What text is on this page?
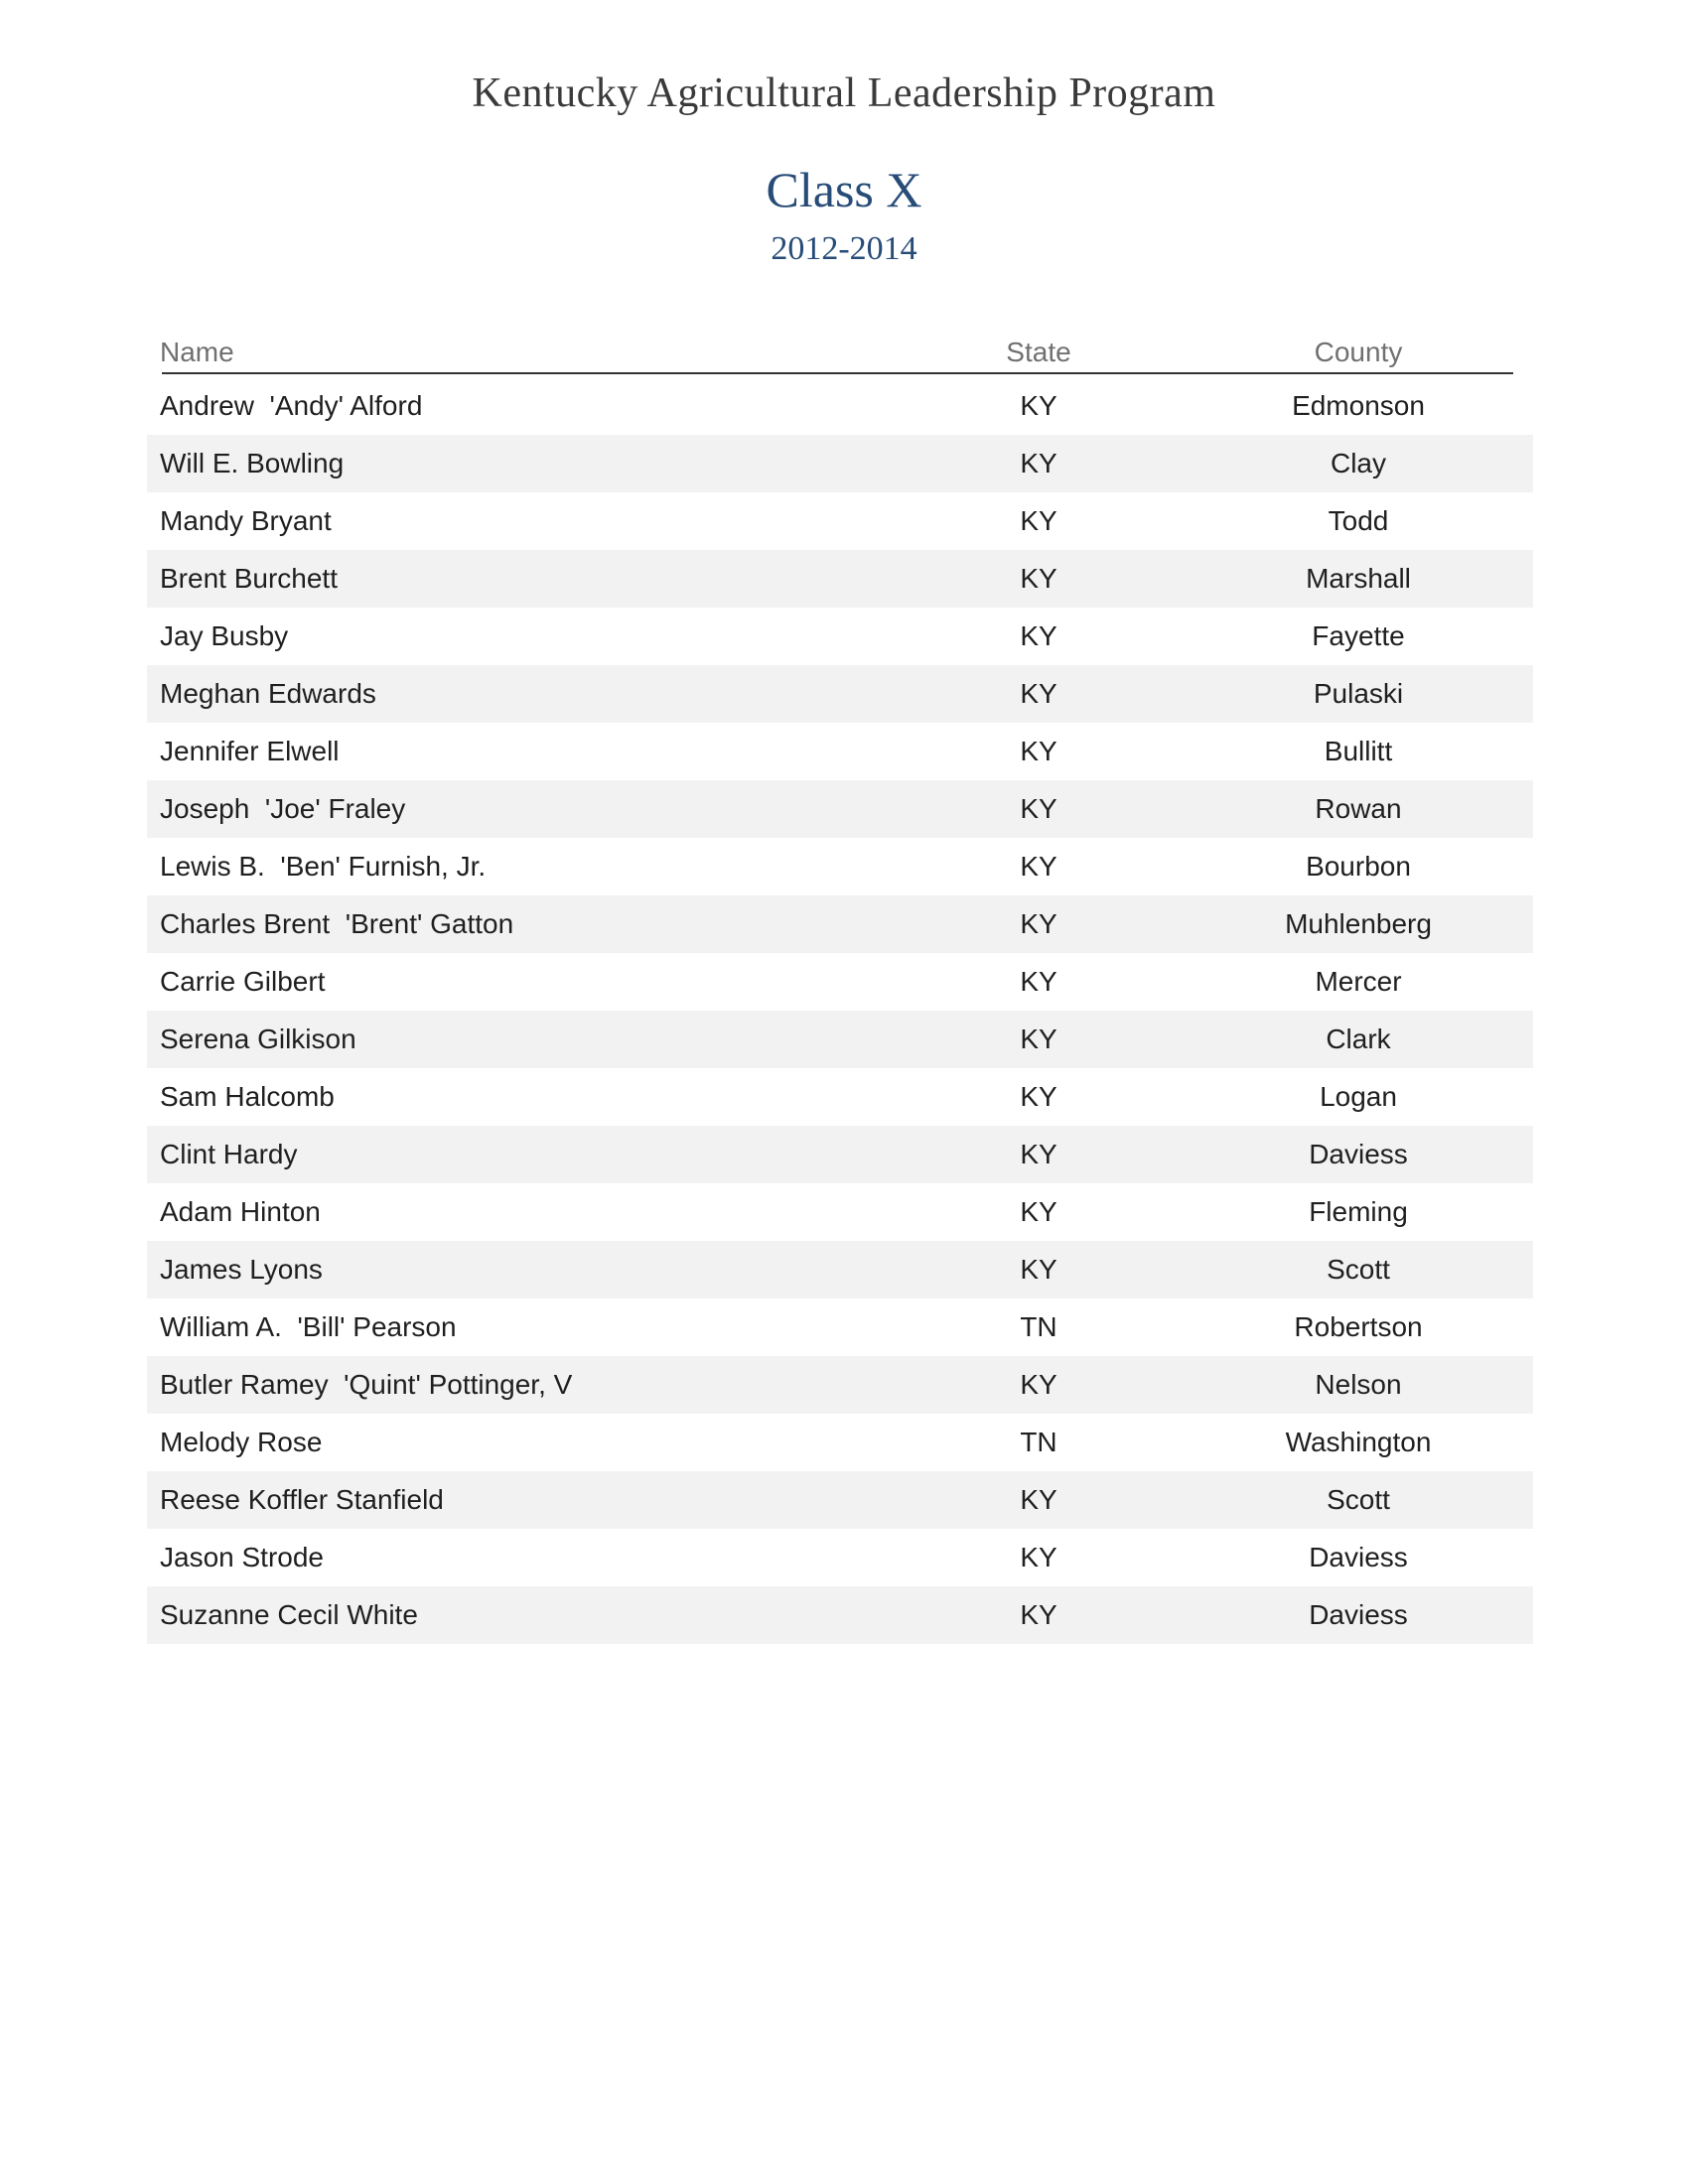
Kentucky Agricultural Leadership Program
Class X
2012-2014
Name	State	County
Andrew  'Andy' Alford	KY	Edmonson
Will E. Bowling	KY	Clay
Mandy Bryant	KY	Todd
Brent Burchett	KY	Marshall
Jay Busby	KY	Fayette
Meghan Edwards	KY	Pulaski
Jennifer Elwell	KY	Bullitt
Joseph  'Joe' Fraley	KY	Rowan
Lewis B.  'Ben' Furnish, Jr.	KY	Bourbon
Charles Brent  'Brent' Gatton	KY	Muhlenberg
Carrie Gilbert	KY	Mercer
Serena Gilkison	KY	Clark
Sam Halcomb	KY	Logan
Clint Hardy	KY	Daviess
Adam Hinton	KY	Fleming
James Lyons	KY	Scott
William A.  'Bill' Pearson	TN	Robertson
Butler Ramey  'Quint' Pottinger, V	KY	Nelson
Melody Rose	TN	Washington
Reese Koffler Stanfield	KY	Scott
Jason Strode	KY	Daviess
Suzanne Cecil White	KY	Daviess
